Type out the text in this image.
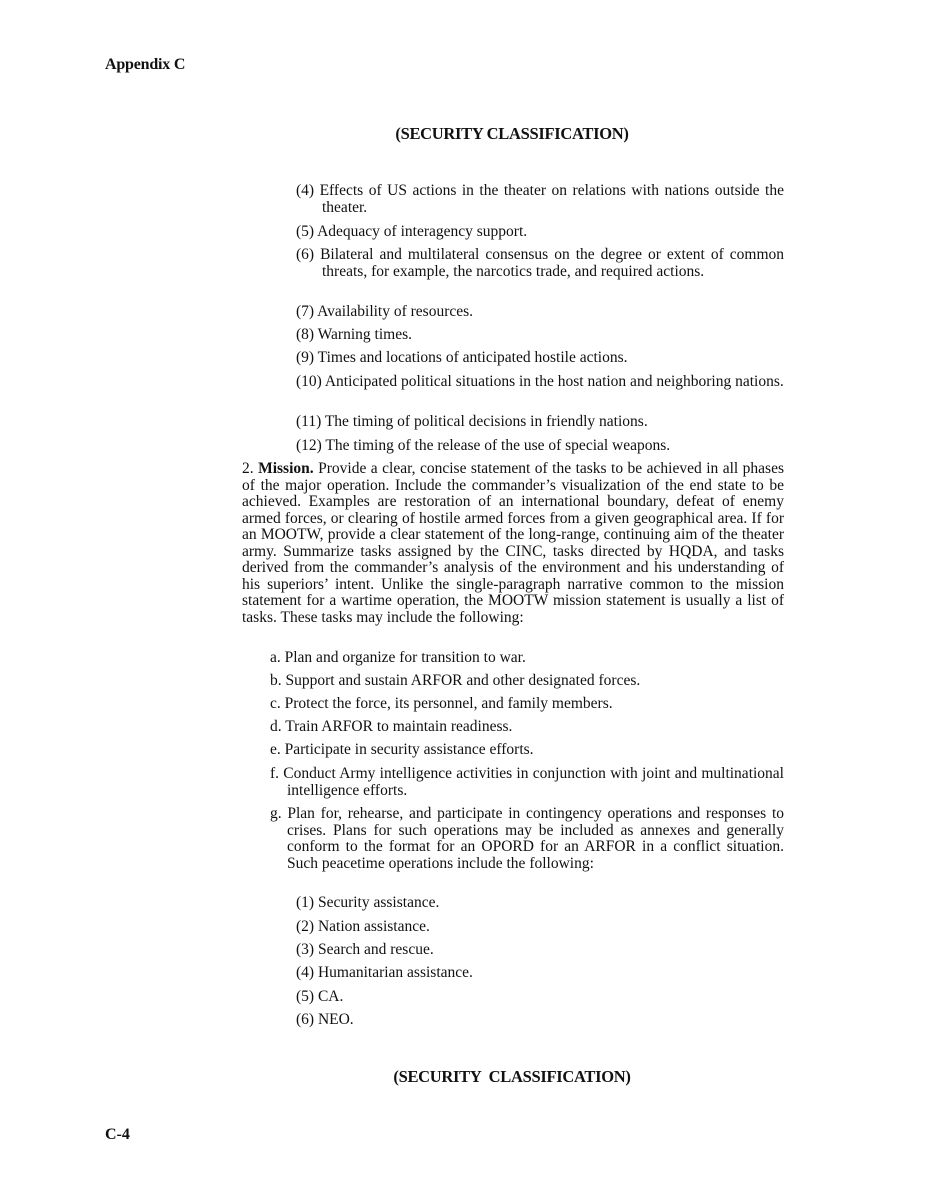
Appendix C
(SECURITY CLASSIFICATION)
(4) Effects of US actions in the theater on relations with nations outside the theater.
(5) Adequacy of interagency support.
(6) Bilateral and multilateral consensus on the degree or extent of common threats, for example, the narcotics trade, and required actions.
(7) Availability of resources.
(8) Warning times.
(9) Times and locations of anticipated hostile actions.
(10) Anticipated political situations in the host nation and neighboring nations.
(11) The timing of political decisions in friendly nations.
(12) The timing of the release of the use of special weapons.
2. Mission. Provide a clear, concise statement of the tasks to be achieved in all phases of the major operation. Include the commander’s visualization of the end state to be achieved. Examples are restoration of an international boundary, defeat of enemy armed forces, or clearing of hostile armed forces from a given geographical area. If for an MOOTW, provide a clear statement of the long-range, continuing aim of the theater army. Summarize tasks assigned by the CINC, tasks directed by HQDA, and tasks derived from the commander’s analysis of the environment and his understanding of his superiors’ intent. Unlike the single-paragraph narrative common to the mission statement for a wartime operation, the MOOTW mission statement is usually a list of tasks. These tasks may include the following:
a. Plan and organize for transition to war.
b. Support and sustain ARFOR and other designated forces.
c. Protect the force, its personnel, and family members.
d. Train ARFOR to maintain readiness.
e. Participate in security assistance efforts.
f. Conduct Army intelligence activities in conjunction with joint and multinational intelligence efforts.
g. Plan for, rehearse, and participate in contingency operations and responses to crises. Plans for such operations may be included as annexes and generally conform to the format for an OPORD for an ARFOR in a conflict situation. Such peacetime operations include the following:
(1) Security assistance.
(2) Nation assistance.
(3) Search and rescue.
(4) Humanitarian assistance.
(5) CA.
(6) NEO.
(SECURITY CLASSIFICATION)
C-4
